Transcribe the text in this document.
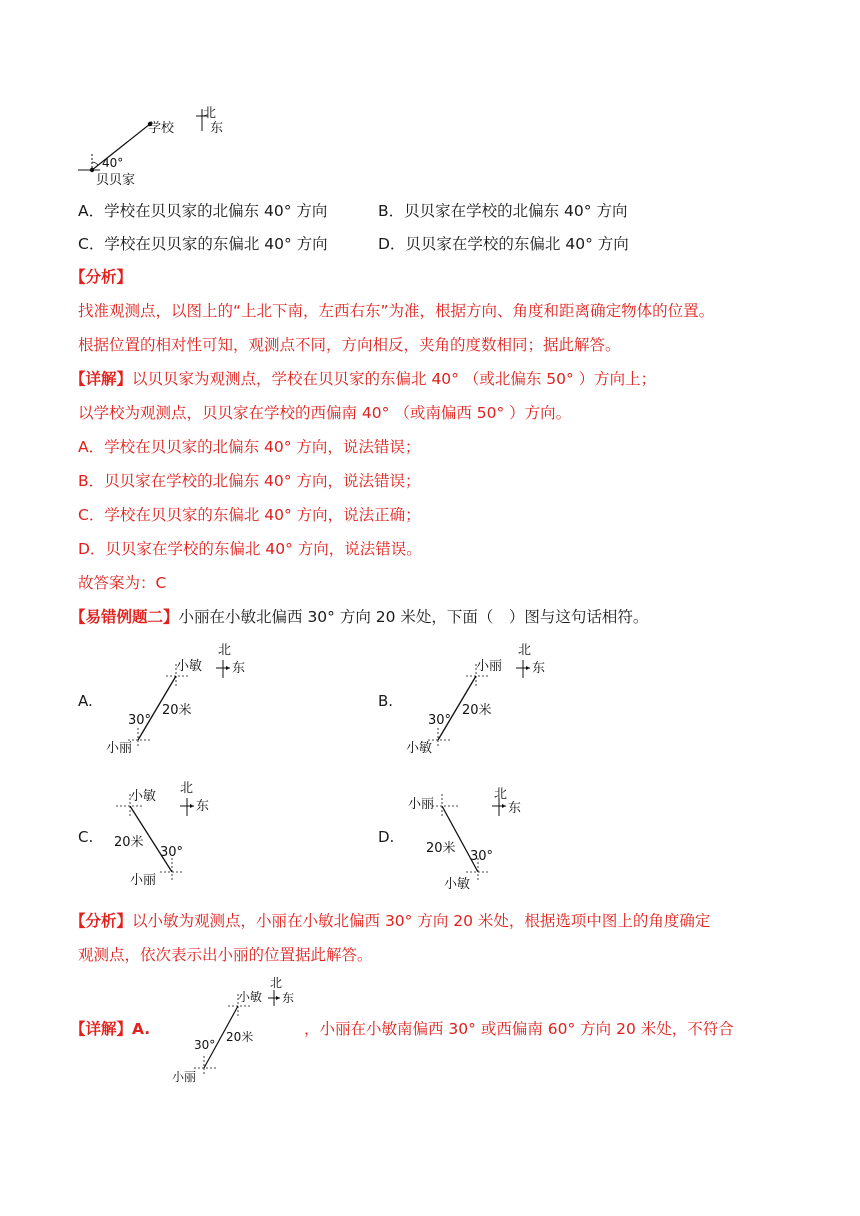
学校
贝贝家
40°
北
东
A．学校在贝贝家的北偏东 40° 方向	B．贝贝家在学校的北偏东 40° 方向
C．学校在贝贝家的东偏北 40° 方向	D．贝贝家在学校的东偏北 40° 方向
【分析】
找准观测点，以图上的“上北下南，左西右东”为准，根据方向、角度和距离确定物体的位置。
根据位置的相对性可知，观测点不同，方向相反，夹角的度数相同；据此解答。
【详解】以贝贝家为观测点，学校在贝贝家的东偏北 40° （或北偏东 50° ）方向上；
以学校为观测点，贝贝家在学校的西偏南 40° （或南偏西 50° ）方向。
A．学校在贝贝家的北偏东 40° 方向，说法错误；
B．贝贝家在学校的北偏东 40° 方向，说法错误；
C．学校在贝贝家的东偏北 40° 方向，说法正确；
D．贝贝家在学校的东偏北 40° 方向，说法错误。
故答案为：C
【易错例题二】小丽在小敏北偏西 30° 方向 20 米处，下面（　）图与这句话相符。
A.
小敏
小丽
20米
30°
北
东
B.
小丽
小敏
20米
30°
北
东
C.
小敏
小丽
20米
30°
北
东
D.
小丽
小敏
20米
30°
北
东
【分析】以小敏为观测点，小丽在小敏北偏西 30° 方向 20 米处，根据选项中图上的角度确定
观测点，依次表示出小丽的位置据此解答。
【详解】A.
小敏
小丽
20米
30°
北
东
，小丽在小敏南偏西 30° 或西偏南 60° 方向 20 米处，不符合
